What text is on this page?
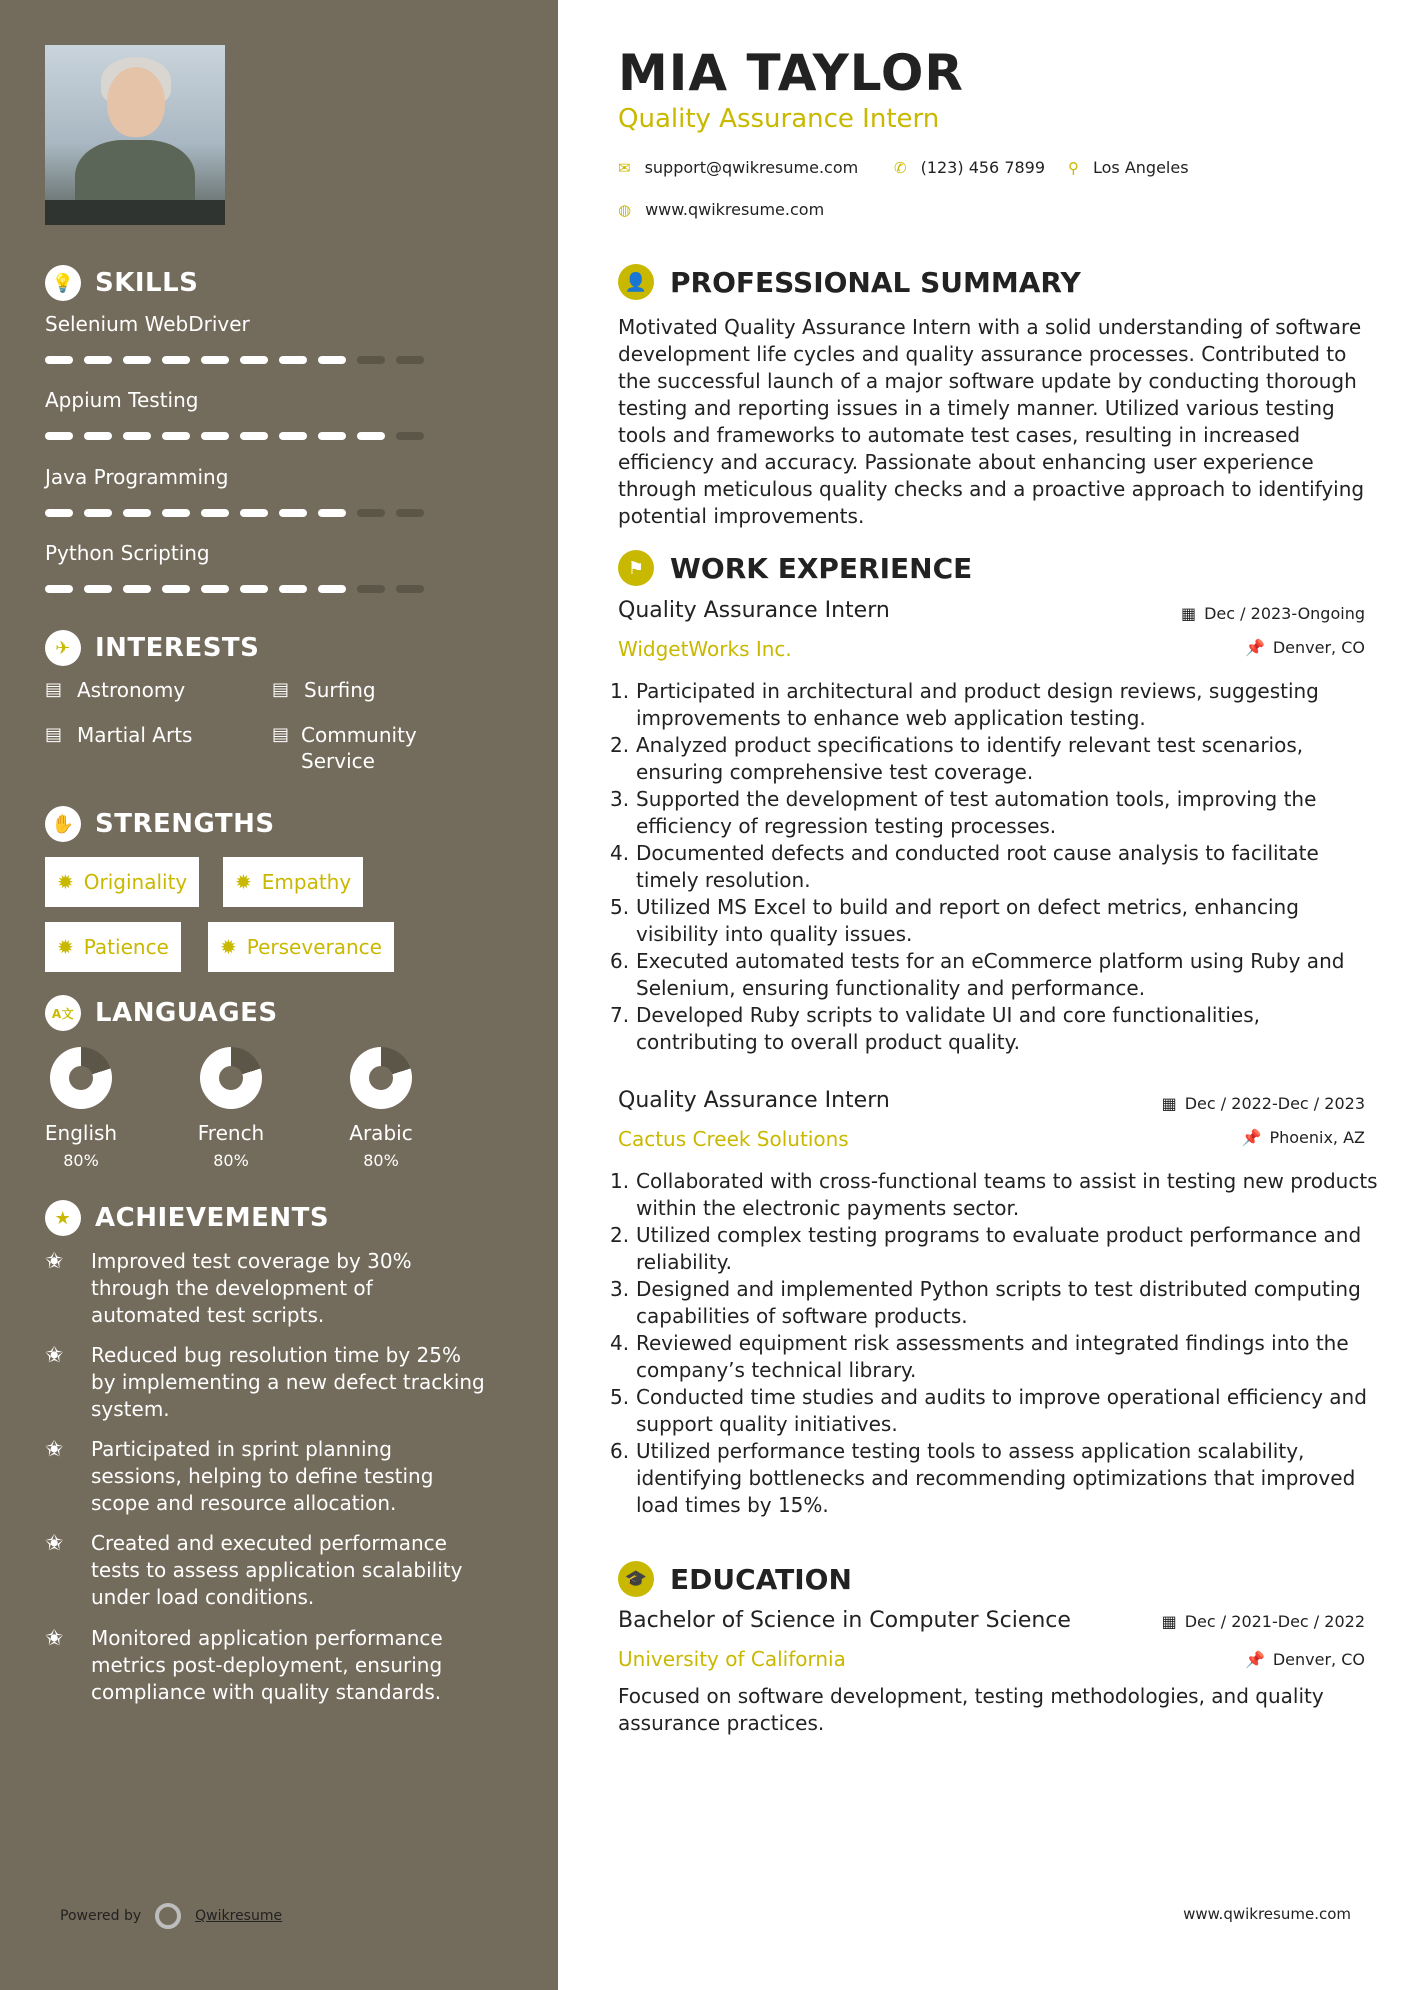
💡 SKILLS
Selenium WebDriver
Appium Testing
Java Programming
Python Scripting
✈ INTERESTS
▤ Astronomy	▤ Surfing
▤ Martial Arts	▤ Community Service
✋ STRENGTHS
✹ Originality ✹ Empathy
✹ Patience	✹ Perseverance
A文 LANGUAGES
English
80%
French
80%
Arabic
80%
★ ACHIEVEMENTS
✬	Improved test coverage by 30% through the development of automated test scripts.
✬	Reduced bug resolution time by 25% by implementing a new defect tracking system.
✬	Participated in sprint planning sessions, helping to define testing scope and resource allocation.
✬	Created and executed performance tests to assess application scalability under load conditions.
✬	Monitored application performance metrics post-deployment, ensuring compliance with quality standards.
Powered by	Qwikresume
MIA TAYLOR
Quality Assurance Intern
✉ support@qwikresume.com ✆ (123) 456 7899 ⚲ Los Angeles
◍ www.qwikresume.com
👤 PROFESSIONAL SUMMARY
Motivated Quality Assurance Intern with a solid understanding of software development life cycles and quality assurance processes. Contributed to the successful launch of a major software update by conducting thorough testing and reporting issues in a timely manner. Utilized various testing tools and frameworks to automate test cases, resulting in increased efficiency and accuracy. Passionate about enhancing user experience through meticulous quality checks and a proactive approach to identifying potential improvements.
⚑ WORK EXPERIENCE
Quality Assurance Intern	▦ Dec / 2023-Ongoing
WidgetWorks Inc.	📌 Denver, CO
1. Participated in architectural and product design reviews, suggesting improvements to enhance web application testing.
2. Analyzed product specifications to identify relevant test scenarios, ensuring comprehensive test coverage.
3. Supported the development of test automation tools, improving the efficiency of regression testing processes.
4. Documented defects and conducted root cause analysis to facilitate timely resolution.
5. Utilized MS Excel to build and report on defect metrics, enhancing visibility into quality issues.
6. Executed automated tests for an eCommerce platform using Ruby and Selenium, ensuring functionality and performance.
7. Developed Ruby scripts to validate UI and core functionalities, contributing to overall product quality.
Quality Assurance Intern	▦ Dec / 2022-Dec / 2023
Cactus Creek Solutions	📌 Phoenix, AZ
1. Collaborated with cross-functional teams to assist in testing new products within the electronic payments sector.
2. Utilized complex testing programs to evaluate product performance and reliability.
3. Designed and implemented Python scripts to test distributed computing capabilities of software products.
4. Reviewed equipment risk assessments and integrated findings into the company’s technical library.
5. Conducted time studies and audits to improve operational efficiency and support quality initiatives.
6. Utilized performance testing tools to assess application scalability, identifying bottlenecks and recommending optimizations that improved load times by 15%.
🎓 EDUCATION
Bachelor of Science in Computer Science	▦ Dec / 2021-Dec / 2022
University of California	📌 Denver, CO
Focused on software development, testing methodologies, and quality assurance practices.
www.qwikresume.com
